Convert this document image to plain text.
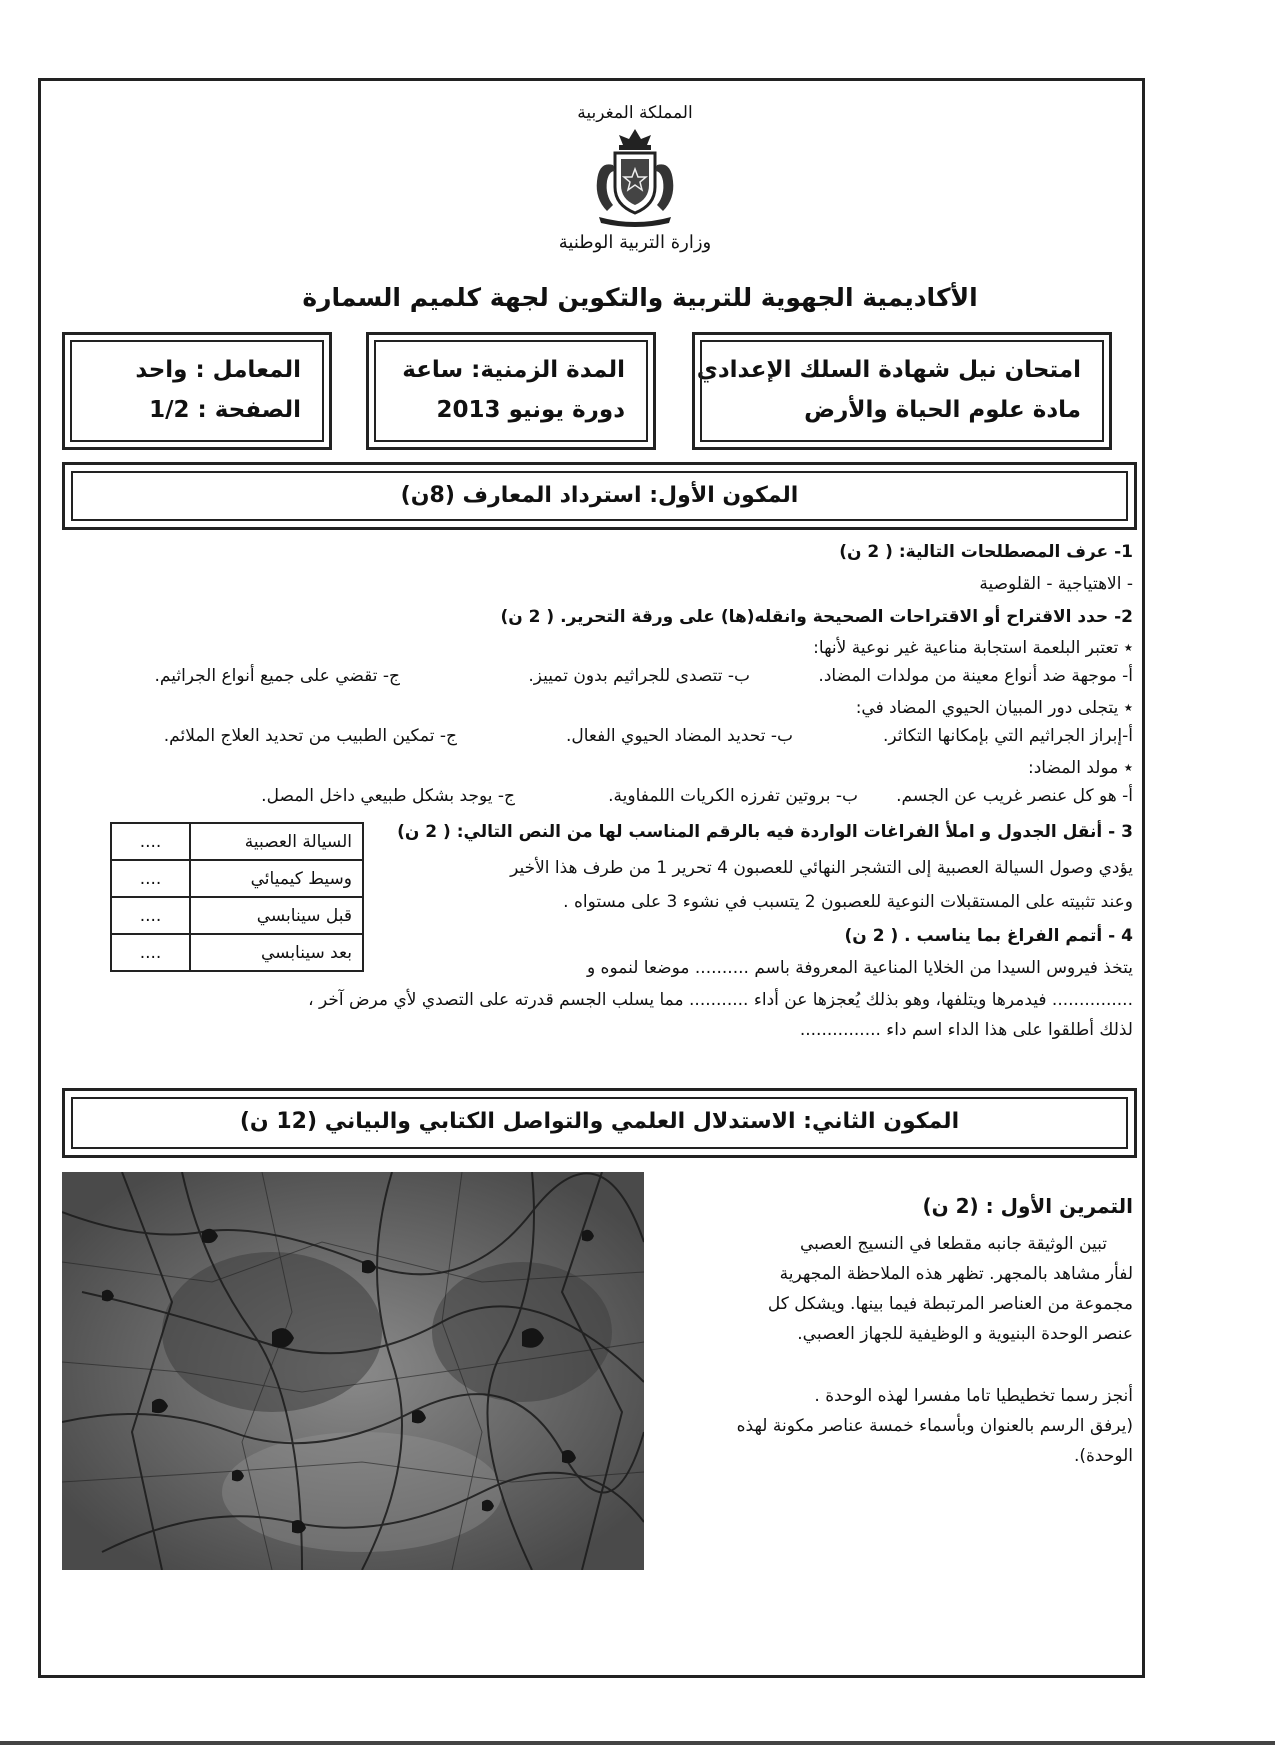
المملكة المغربية
وزارة التربية الوطنية
الأكاديمية الجهوية للتربية والتكوين لجهة كلميم السمارة
امتحان نيل شهادة السلك الإعدادي
مادة علوم الحياة والأرض
المدة الزمنية: ساعة
دورة يونيو 2013
المعامل : واحد
الصفحة : 1/2
المكون الأول: استرداد المعارف (8ن)
1- عرف المصطلحات التالية: ( 2 ن)
- الاهتياجية - القلوصية
2- حدد الاقتراح أو الاقتراحات الصحيحة وانقله(ها) على ورقة التحرير. ( 2 ن)
٭ تعتبر البلعمة استجابة مناعية غير نوعية لأنها:
أ- موجهة ضد أنواع معينة من مولدات المضاد.
ب- تتصدى للجراثيم بدون تمييز.
ج- تقضي على جميع أنواع الجراثيم.
٭ يتجلى دور المبيان الحيوي المضاد في:
أ-إبراز الجراثيم التي بإمكانها التكاثر.
ب- تحديد المضاد الحيوي الفعال.
ج- تمكين الطبيب من تحديد العلاج الملائم.
٭ مولد المضاد:
أ- هو كل عنصر غريب عن الجسم.
ب- بروتين تفرزه الكريات اللمفاوية.
ج- يوجد بشكل طبيعي داخل المصل.
3 - أنقل الجدول و املأ الفراغات الواردة فيه بالرقم المناسب لها من النص التالي: ( 2 ن)
يؤدي وصول السيالة العصبية إلى التشجر النهائي للعصبون 4 تحرير 1 من طرف هذا الأخير
وعند تثبيته على المستقبلات النوعية للعصبون 2 يتسبب في نشوء 3 على مستواه .
....	السيالة العصبية
....	وسيط كيميائي
....	قبل سينابسي
....	بعد سينابسي
4 - أتمم الفراغ بما يناسب . ( 2 ن)
يتخذ فيروس السيدا من الخلايا المناعية المعروفة باسم .......... موضعا لنموه و
............... فيدمرها ويتلفها، وهو بذلك يُعجزها عن أداء ........... مما يسلب الجسم قدرته على التصدي لأي مرض آخر ،
لذلك أطلقوا على هذا الداء اسم داء ...............
المكون الثاني: الاستدلال العلمي والتواصل الكتابي والبياني (12 ن)
التمرين الأول : (2 ن)
تبين الوثيقة جانبه مقطعا في النسيج العصبي
لفأر مشاهد بالمجهر. تظهر هذه الملاحظة المجهرية
مجموعة من العناصر المرتبطة فيما بينها. ويشكل كل
عنصر الوحدة البنيوية و الوظيفية للجهاز العصبي.
أنجز رسما تخطيطيا تاما مفسرا لهذه الوحدة .
(يرفق الرسم بالعنوان وبأسماء خمسة عناصر مكونة لهذه
الوحدة).
